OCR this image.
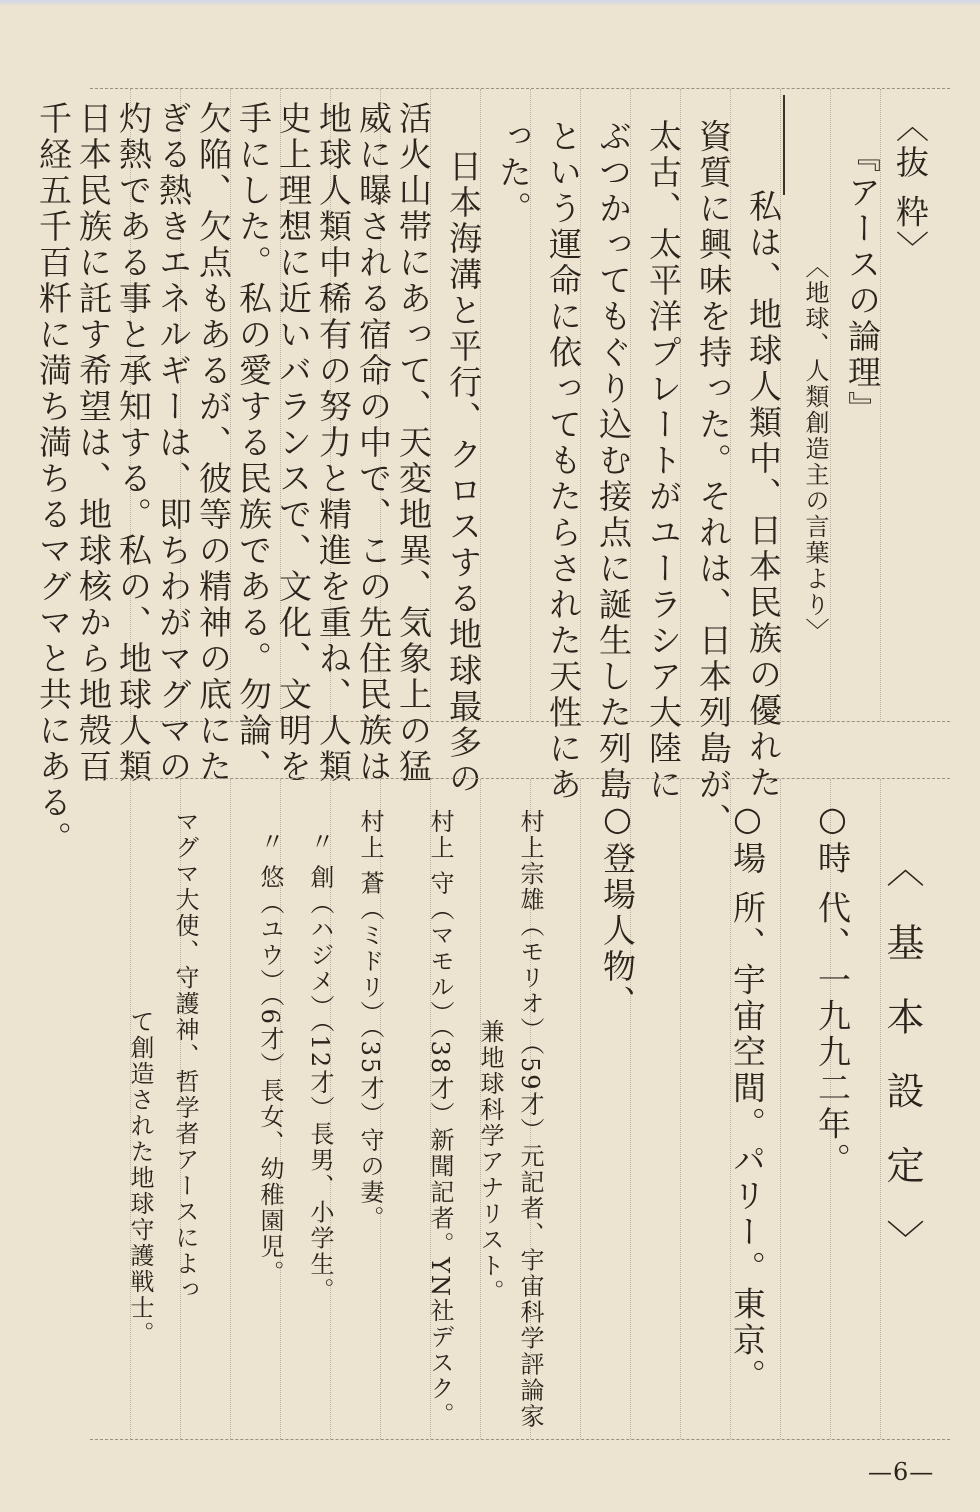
〈抜 粋〉
『アースの論理』
〈地球、人類創造主の言葉より〉
私は、地球人類中、日本民族の優れた
資質に興味を持った。それは、日本列島が、
太古、太平洋プレートがユーラシア大陸に
ぶつかってもぐり込む接点に誕生した列島
という運命に依ってもたらされた天性にあ
った。
日本海溝と平行、クロスする地球最多の
活火山帯にあって、天変地異、気象上の猛
威に曝される宿命の中で、この先住民族は
地球人類中稀有の努力と精進を重ね、人類
史上理想に近いバランスで、文化、文明を
手にした。私の愛する民族である。勿論、
欠陥、欠点もあるが、彼等の精神の底にた
ぎる熱きエネルギーは、即ちわがマグマの
灼熱である事と承知する。私の、地球人類
日本民族に託す希望は、地球核から地殻百
千経五千百粁に満ち満ちるマグマと共にある。
〈 基 本 設 定 〉
○時 代、一九九二年。
○場 所、宇宙空間。パリー。東京。
○登場人物、
村上宗雄（モリオ）（59才）元記者、宇宙科学評論家
兼地球科学アナリスト。
村上 守（マモル）（38才）新聞記者。YN社デスク。
村上 蒼（ミドリ）（35才）守の妻。
〃 創（ハジメ）（12才）長男、小学生。
〃 悠（ユウ）（6才）長女、幼稚園児。
マグマ大使、守護神、哲学者アースによっ
て創造された地球守護戦士。
—6—
